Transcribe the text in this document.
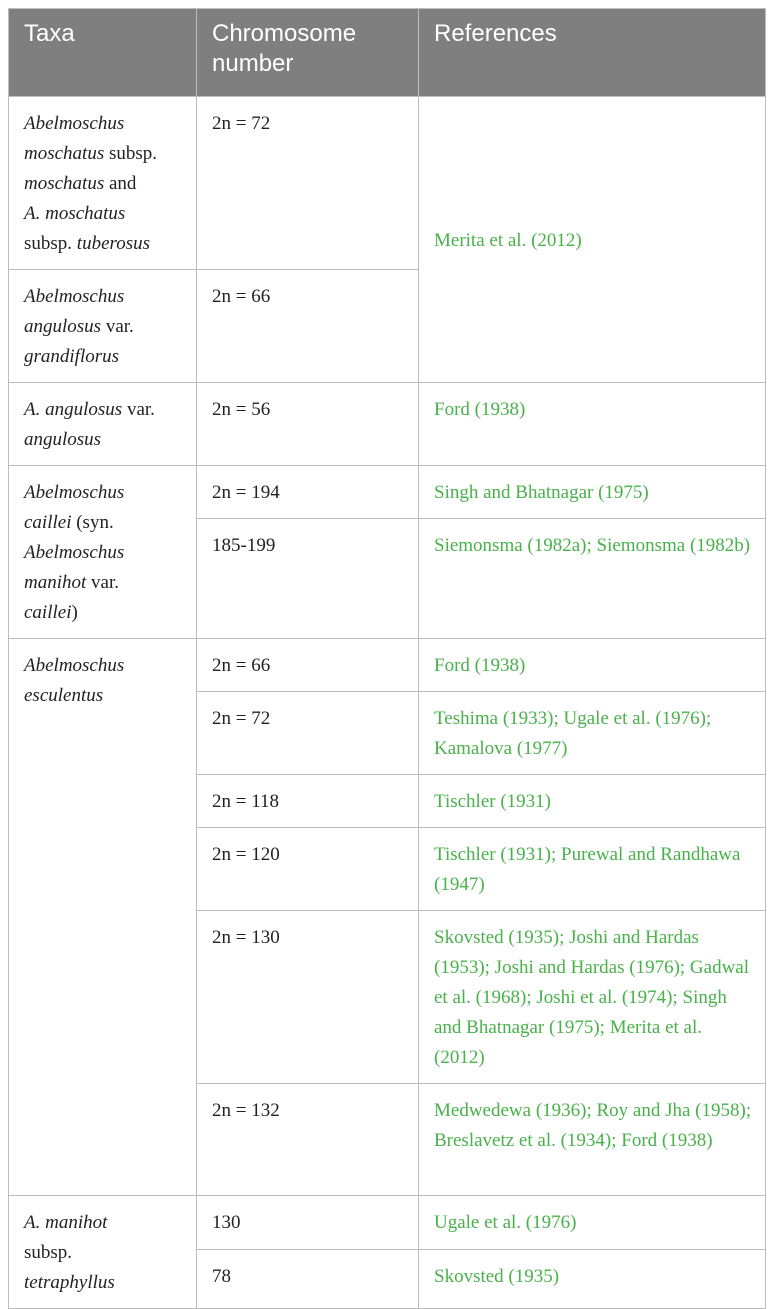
Taxa	Chromosome number	References

Abelmoschus
moschatus subsp.
moschatus and
A. moschatus
subsp. tuberosus	2n = 72	Merita et al. (2012)

Abelmoschus
angulosus var.
grandiflorus	2n = 66	

A. angulosus var.
angulosus	2n = 56	Ford (1938)

Abelmoschus
caillei (syn.
Abelmoschus
manihot var.
caillei)	2n = 194	Singh and Bhatnagar (1975)
	185-199	Siemonsma (1982a); Siemonsma (1982b)

Abelmoschus
esculentus	2n = 66	Ford (1938)
	2n = 72	Teshima (1933); Ugale et al. (1976); Kamalova (1977)
	2n = 118	Tischler (1931)
	2n = 120	Tischler (1931); Purewal and Randhawa (1947)
	2n = 130	Skovsted (1935); Joshi and Hardas (1953); Joshi and Hardas (1976); Gadwal et al. (1968); Joshi et al. (1974); Singh and Bhatnagar (1975); Merita et al. (2012)
	2n = 132	Medwedewa (1936); Roy and Jha (1958); Breslavetz et al. (1934); Ford (1938)

A. manihot
subsp.
tetraphyllus	130	Ugale et al. (1976)
	78	Skovsted (1935)
